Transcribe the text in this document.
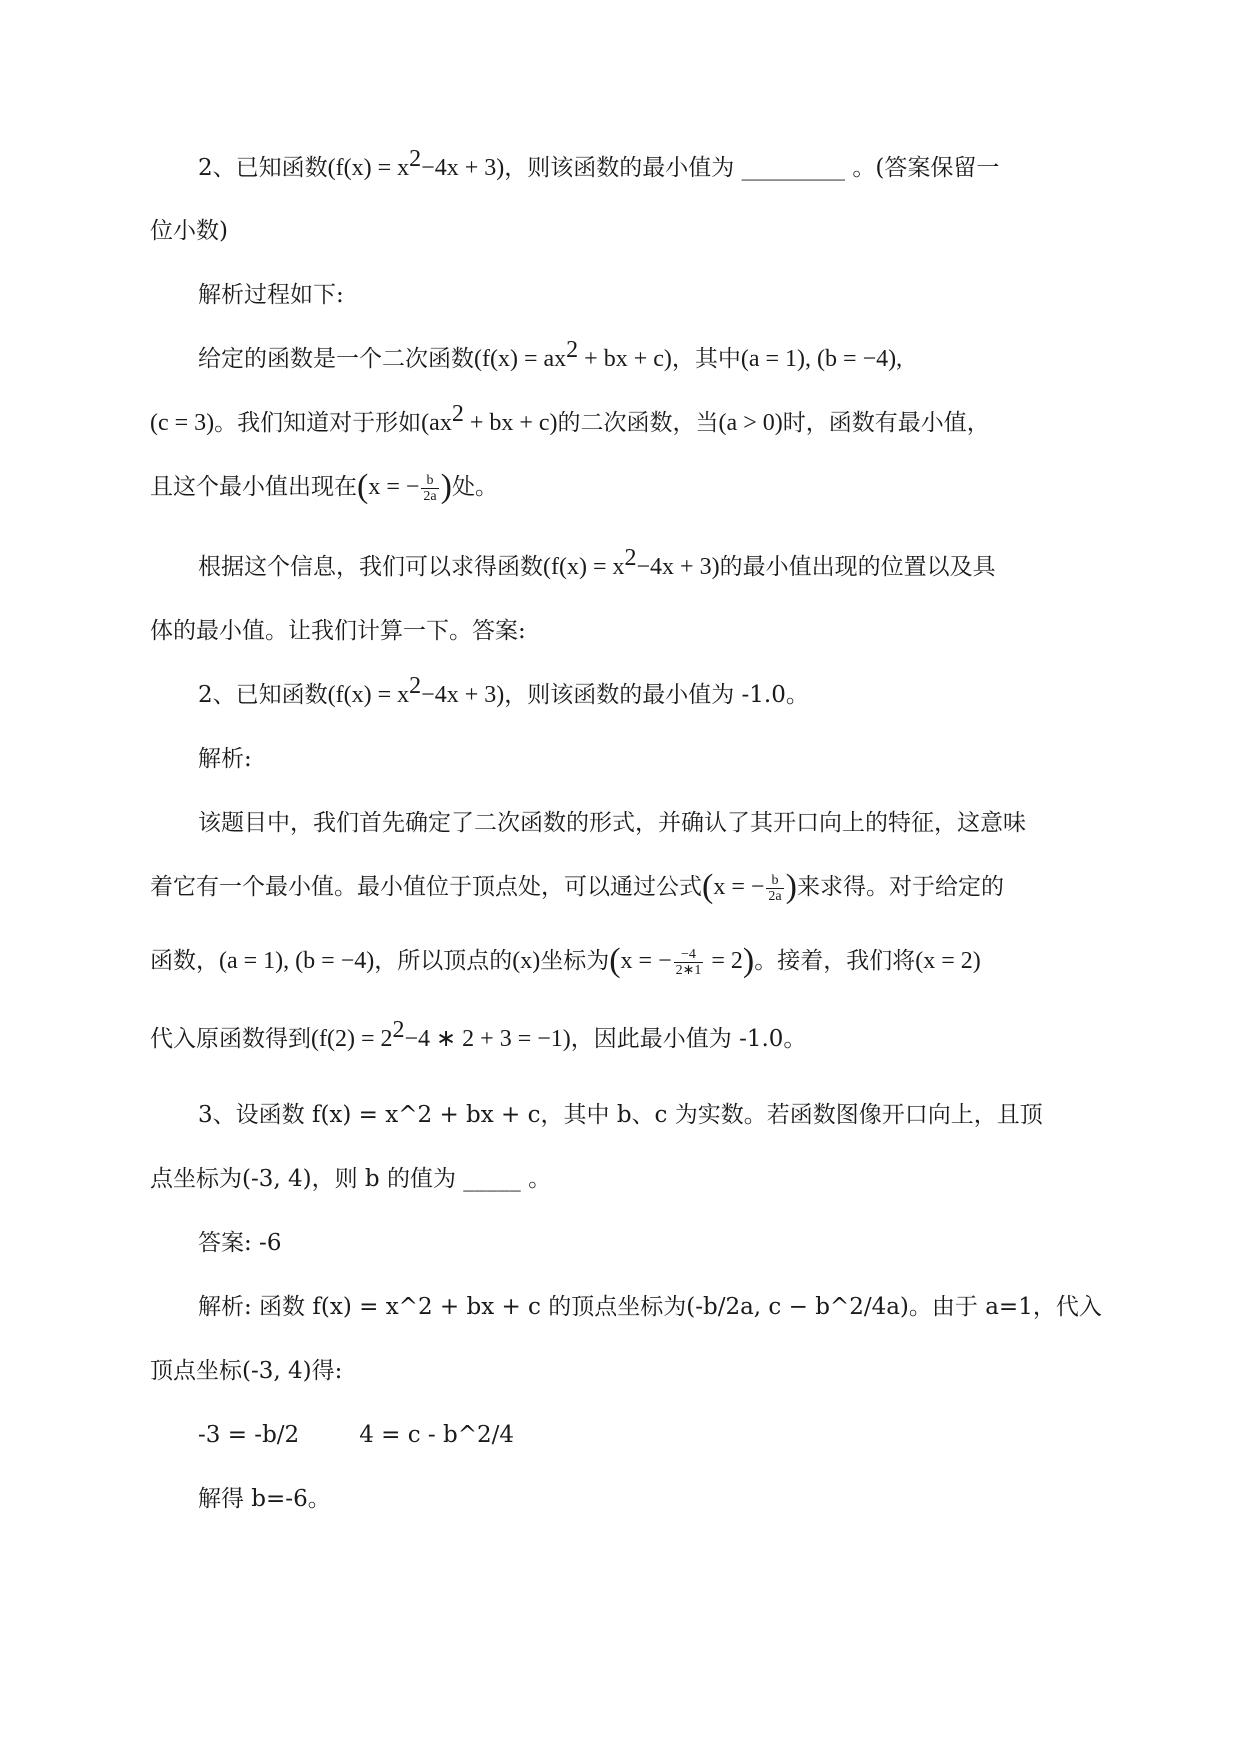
2、已知函数$(f(x) = x^2-4x + 3)$，则该函数的最小值为 _________ 。(答案保留一
位小数)
解析过程如下:
给定的函数是一个二次函数($f(x) = ax^2$ + bx + c)，其中(a = 1), (b = −4),
(c = 3)。我们知道对于形如($ax^2$ + bx + c)的二次函数，当(a > 0)时，函数有最小值，
且这个最小值出现在(x = − $\frac{b}{2a}$ )处。
根据这个信息，我们可以求得函数$(f(x) = x^2-4x + 3)$的最小值出现的位置以及具
体的最小值。让我们计算一下。答案:
2、已知函数$(f(x) = x^2-4x + 3)$，则该函数的最小值为 -1.0。
解析:
该题目中，我们首先确定了二次函数的形式，并确认了其开口向上的特征，这意味
着它有一个最小值。最小值位于顶点处，可以通过公式(x = − $\frac{b}{2a}$ )来求得。对于给定的
函数，(a = 1), (b = −4)，所以顶点的(x)坐标为(x = − $\frac{-4}{2∗1} = 2$)。接着，我们将(x = 2)
代入原函数得到($f(2) = 2^2-4$ ∗ 2 + 3 = −1)，因此最小值为 -1.0。
3、设函数 f(x) = x^2 + bx + c，其中 b、c 为实数。若函数图像开口向上，且顶
点坐标为(-3, 4)，则 b 的值为 _____ 。
答案: -6
解析: 函数 f(x) = x^2 + bx + c 的顶点坐标为(-b/2a, c − b^2/4a)。由于 a=1，代入
顶点坐标(-3, 4)得:
-3 = -b/2	4 = c - b^2/4
解得 b=-6。
